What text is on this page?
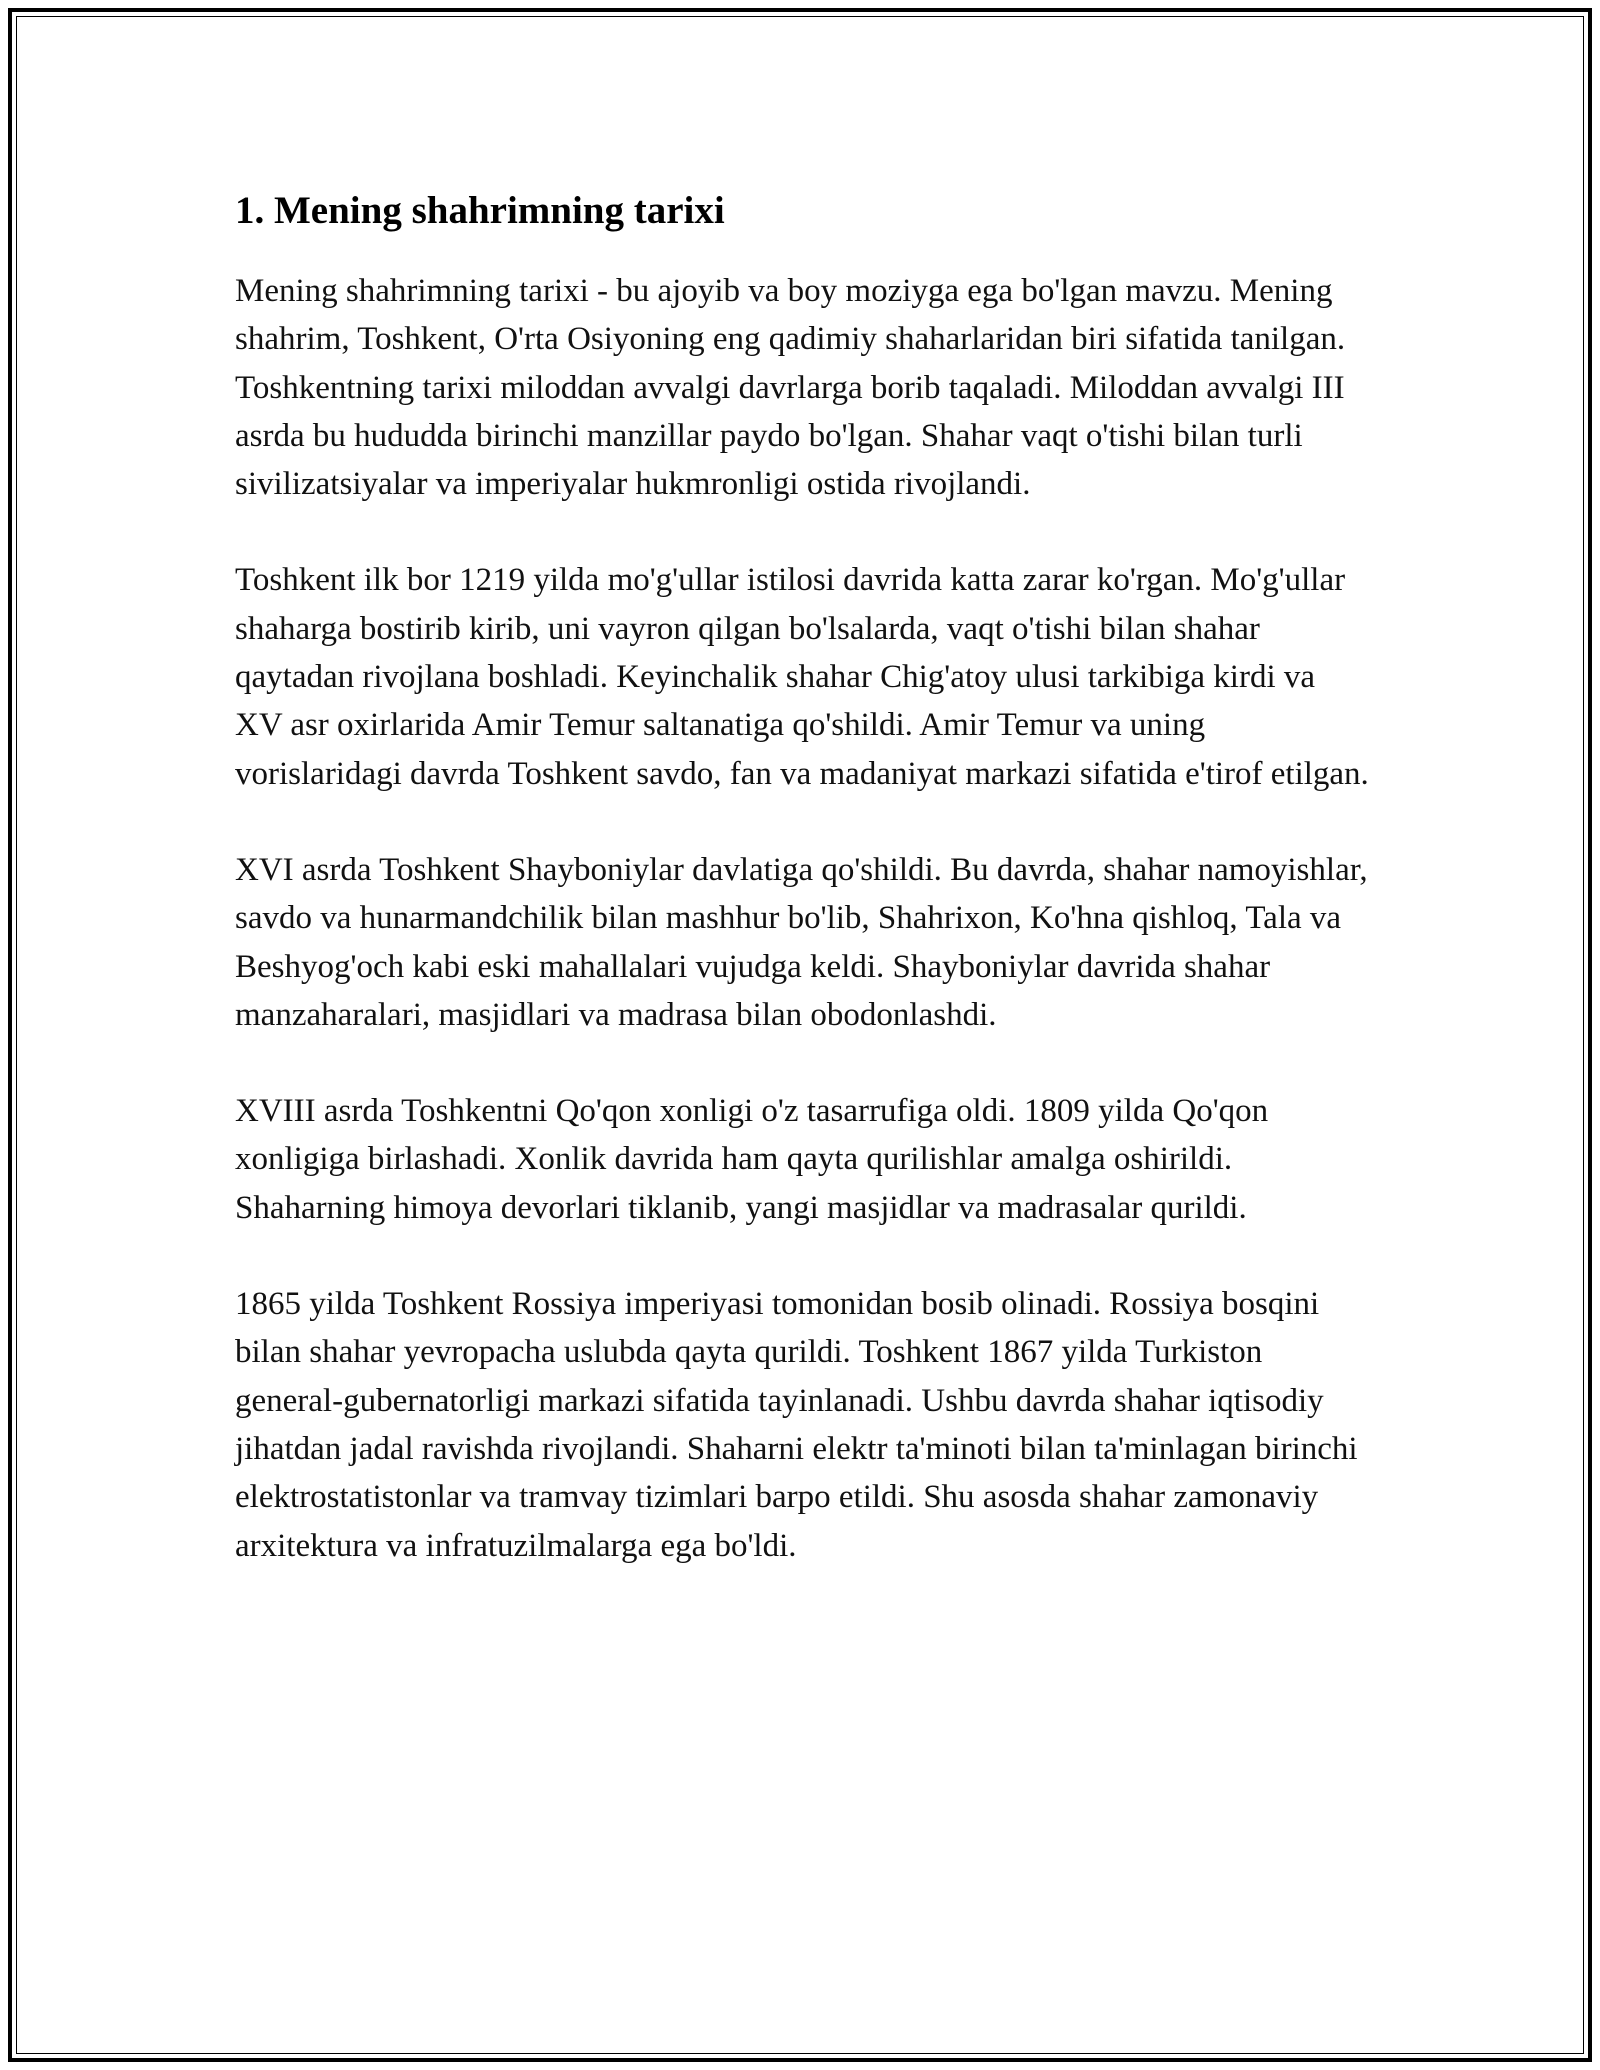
1. Mening shahrimning tarixi

Mening shahrimning tarixi - bu ajoyib va boy moziyga ega bo'lgan mavzu. Mening shahrim, Toshkent, O'rta Osiyoning eng qadimiy shaharlaridan biri sifatida tanilgan. Toshkentning tarixi miloddan avvalgi davrlarga borib taqaladi. Miloddan avvalgi III asrda bu hududda birinchi manzillar paydo bo'lgan. Shahar vaqt o'tishi bilan turli sivilizatsiyalar va imperiyalar hukmronligi ostida rivojlandi.

Toshkent ilk bor 1219 yilda mo'g'ullar istilosi davrida katta zarar ko'rgan. Mo'g'ullar shaharga bostirib kirib, uni vayron qilgan bo'lsalarda, vaqt o'tishi bilan shahar qaytadan rivojlana boshladi. Keyinchalik shahar Chig'atoy ulusi tarkibiga kirdi va XV asr oxirlarida Amir Temur saltanatiga qo'shildi. Amir Temur va uning vorislaridagi davrda Toshkent savdo, fan va madaniyat markazi sifatida e'tirof etilgan.

XVI asrda Toshkent Shayboniylar davlatiga qo'shildi. Bu davrda, shahar namoyishlar, savdo va hunarmandchilik bilan mashhur bo'lib, Shahrixon, Ko'hna qishloq, Tala va Beshyog'och kabi eski mahallalari vujudga keldi. Shayboniylar davrida shahar manzaharalari, masjidlari va madrasa bilan obodonlashdi.

XVIII asrda Toshkentni Qo'qon xonligi o'z tasarrufiga oldi. 1809 yilda Qo'qon xonligiga birlashadi. Xonlik davrida ham qayta qurilishlar amalga oshirildi. Shaharning himoya devorlari tiklanib, yangi masjidlar va madrasalar qurildi.

1865 yilda Toshkent Rossiya imperiyasi tomonidan bosib olinadi. Rossiya bosqini bilan shahar yevropacha uslubda qayta qurildi. Toshkent 1867 yilda Turkiston general-gubernatorligi markazi sifatida tayinlanadi. Ushbu davrda shahar iqtisodiy jihatdan jadal ravishda rivojlandi. Shaharni elektr ta'minoti bilan ta'minlagan birinchi elektrostatistonlar va tramvay tizimlari barpo etildi. Shu asosda shahar zamonaviy arxitektura va infratuzilmalarga ega bo'ldi.
